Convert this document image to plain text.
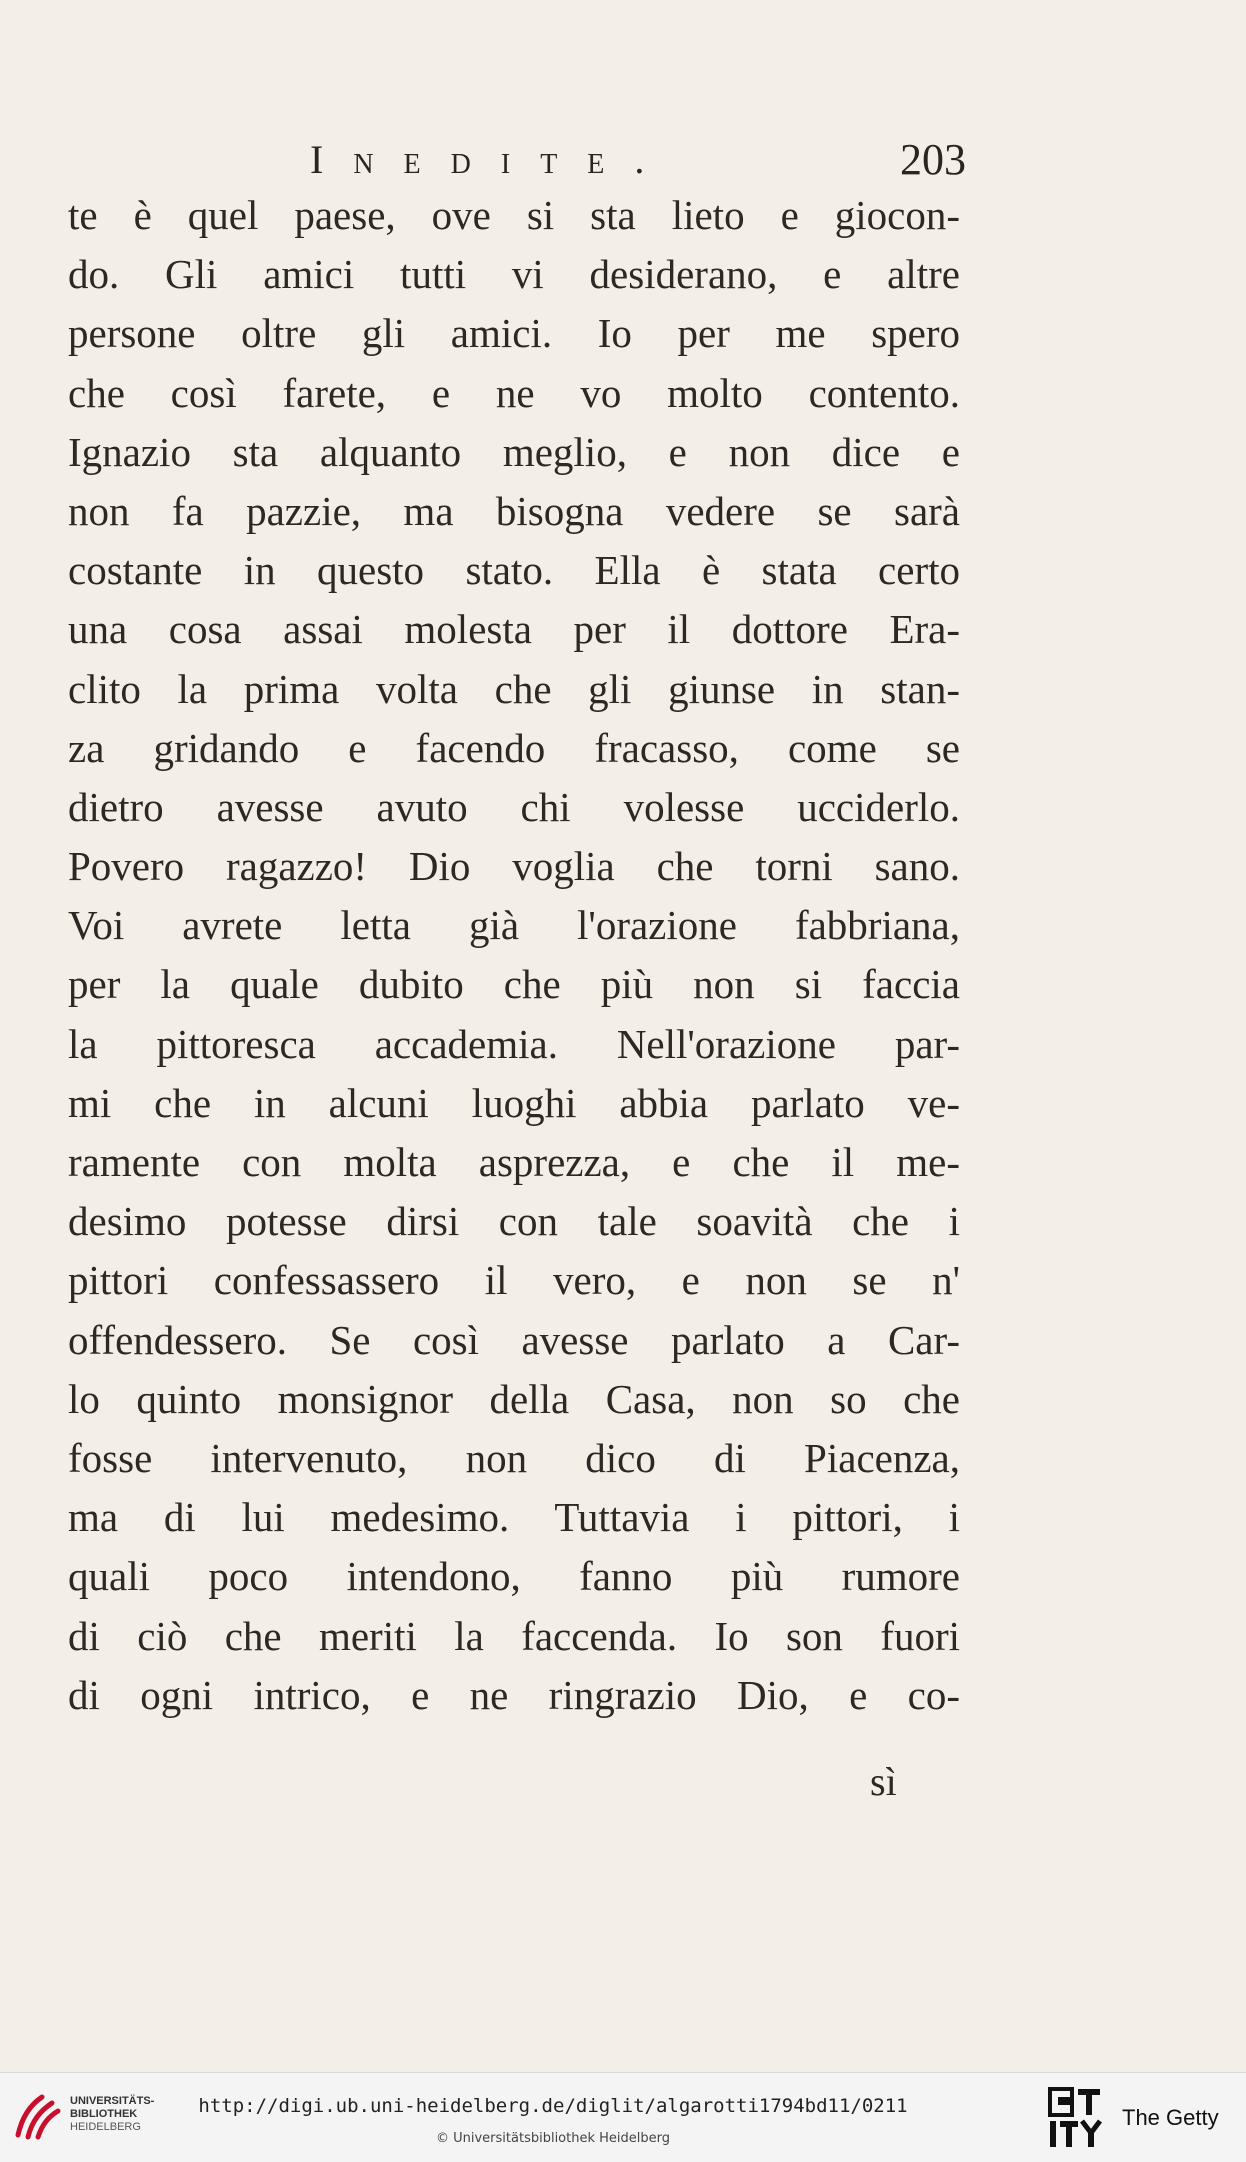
Inedite.	203
te è quel paese, ove si sta lieto e giocon-
do. Gli amici tutti vi desiderano, e altre
persone oltre gli amici. Io per me spero
che così farete, e ne vo molto contento.
Ignazio sta alquanto meglio, e non dice e
non fa pazzie, ma bisogna vedere se sarà
costante in questo stato. Ella è stata certo
una cosa assai molesta per il dottore Era-
clito la prima volta che gli giunse in stan-
za gridando e facendo fracasso, come se
dietro avesse avuto chi volesse ucciderlo.
Povero ragazzo! Dio voglia che torni sano.
Voi avrete letta già l'orazione fabbriana,
per la quale dubito che più non si faccia
la pittoresca accademia. Nell'orazione par-
mi che in alcuni luoghi abbia parlato ve-
ramente con molta asprezza, e che il me-
desimo potesse dirsi con tale soavità che i
pittori confessassero il vero, e non se n'
offendessero. Se così avesse parlato a Car-
lo quinto monsignor della Casa, non so che
fosse intervenuto, non dico di Piacenza,
ma di lui medesimo. Tuttavia i pittori, i
quali poco intendono, fanno più rumore
di ciò che meriti la faccenda. Io son fuori
di ogni intrico, e ne ringrazio Dio, e co-
sì
UNIVERSITÄTS-
BIBLIOTHEK
HEIDELBERG
http://digi.ub.uni-heidelberg.de/diglit/algarotti1794bd11/0211
© Universitätsbibliothek Heidelberg
The Getty
